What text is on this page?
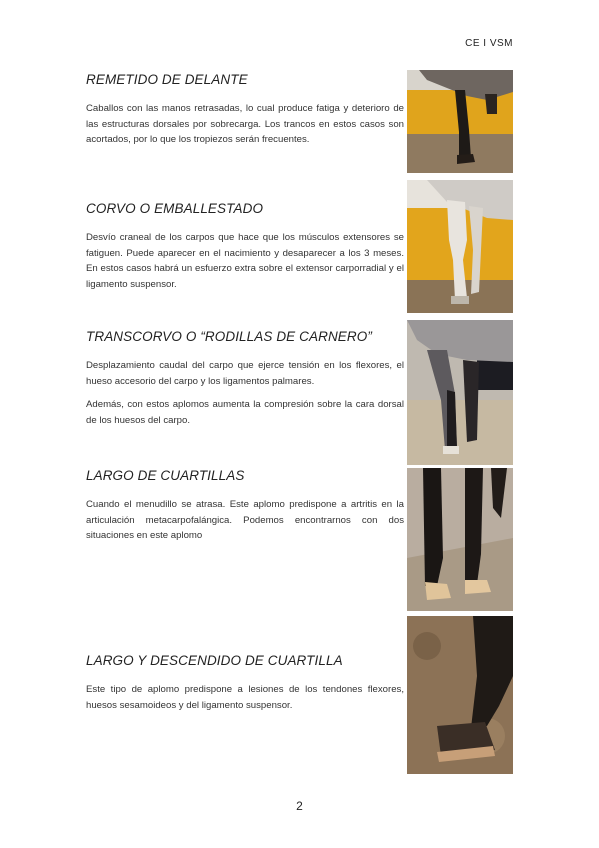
CE I VSM
REMETIDO DE DELANTE

Caballos con las manos retrasadas, lo cual produce fatiga y deterioro de las estructuras dorsales por sobrecarga. Los trancos en estos casos son acortados, por lo que los tropiezos serán frecuentes.

CORVO O EMBALLESTADO

Desvío craneal de los carpos que hace que los músculos extensores se fatiguen. Puede aparecer en el nacimiento y desaparecer a los 3 meses. En estos casos habrá un esfuerzo extra sobre el extensor carporradial y el ligamento suspensor.

TRANSCORVO O “RODILLAS DE CARNERO”

Desplazamiento caudal del carpo que ejerce tensión en los flexores, el hueso accesorio del carpo y los ligamentos palmares.

Además, con estos aplomos aumenta la compresión sobre la cara dorsal de los huesos del carpo.

LARGO DE CUARTILLAS

Cuando el menudillo se atrasa. Este aplomo predispone a artritis en la articulación metacarpofalángica. Podemos encontrarnos con dos situaciones en este aplomo

LARGO Y DESCENDIDO DE CUARTILLA

Este tipo de aplomo predispone a lesiones de los tendones flexores, huesos sesamoideos y del ligamento suspensor.

2
